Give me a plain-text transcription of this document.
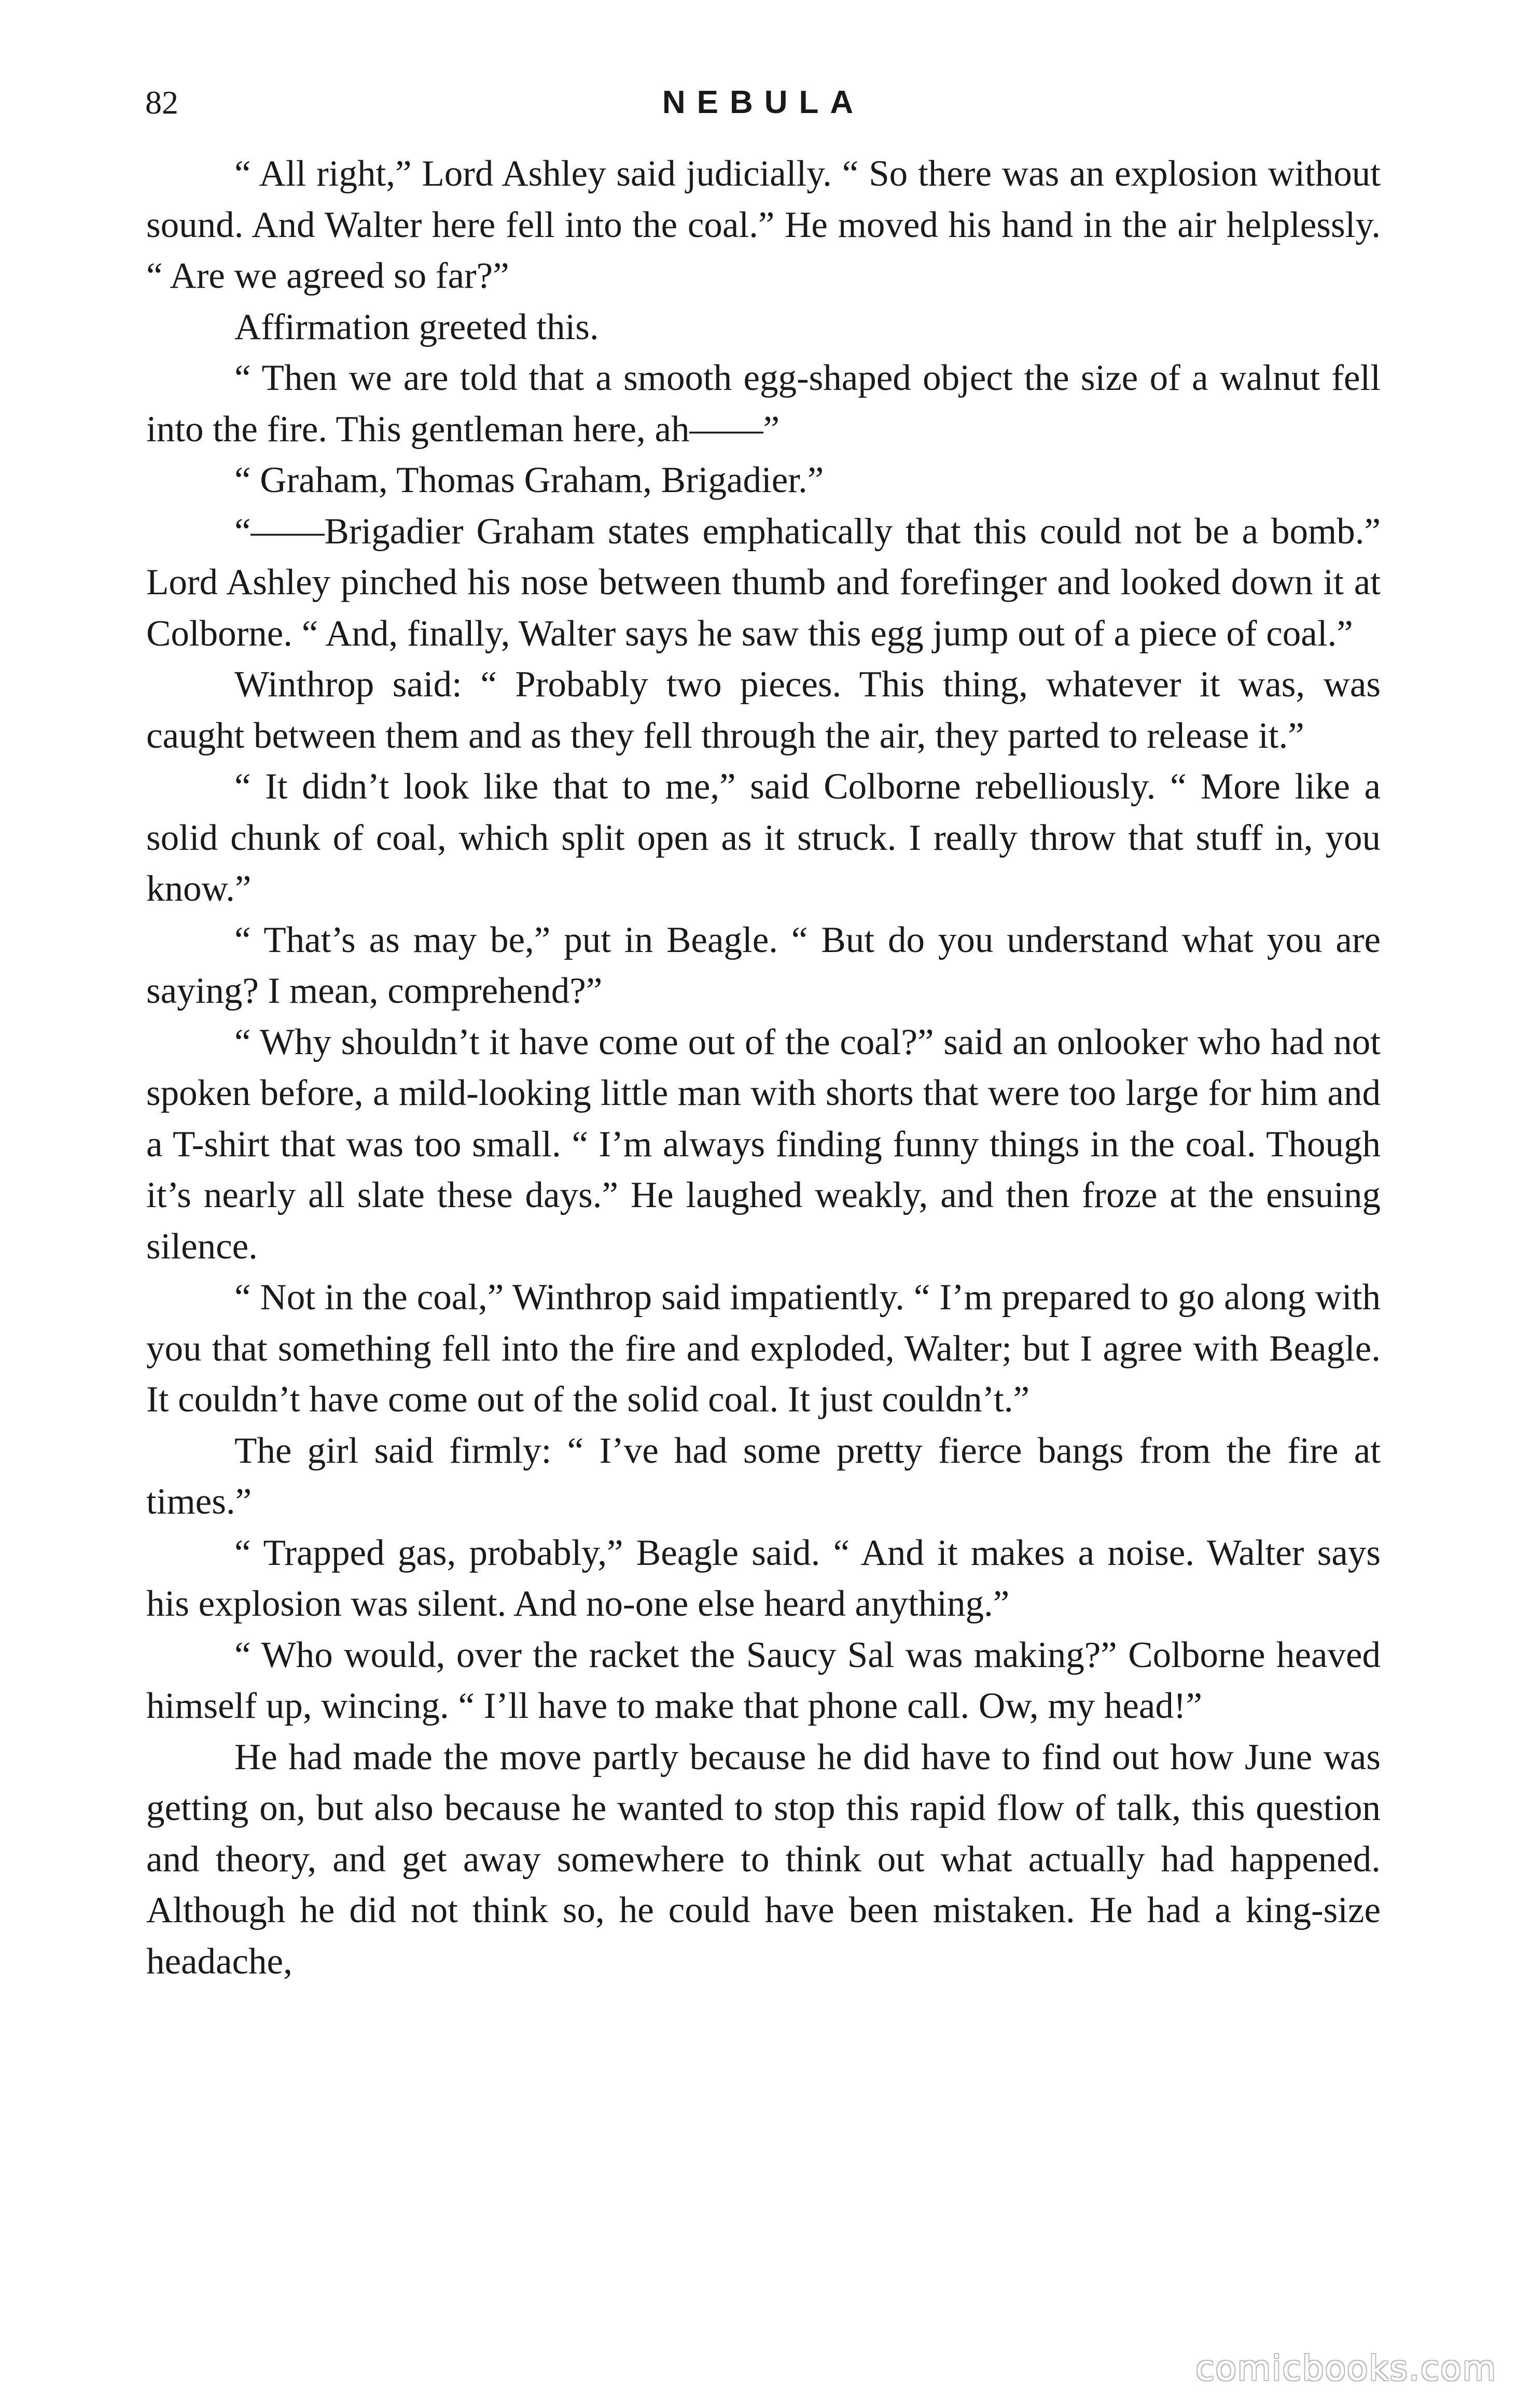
82	NEBULA

“ All right,” Lord Ashley said judicially. “ So there was an explosion without sound. And Walter here fell into the coal.” He moved his hand in the air helplessly. “ Are we agreed so far?”

Affirmation greeted this.

“ Then we are told that a smooth egg-shaped object the size of a walnut fell into the fire. This gentleman here, ah——”

“ Graham, Thomas Graham, Brigadier.”

“——Brigadier Graham states emphatically that this could not be a bomb.” Lord Ashley pinched his nose between thumb and forefinger and looked down it at Colborne. “ And, finally, Walter says he saw this egg jump out of a piece of coal.”

Winthrop said: “ Probably two pieces. This thing, whatever it was, was caught between them and as they fell through the air, they parted to release it.”

“ It didn’t look like that to me,” said Colborne rebelliously. “ More like a solid chunk of coal, which split open as it struck. I really throw that stuff in, you know.”

“ That’s as may be,” put in Beagle. “ But do you understand what you are saying? I mean, comprehend?”

“ Why shouldn’t it have come out of the coal?” said an onlooker who had not spoken before, a mild-looking little man with shorts that were too large for him and a T-shirt that was too small. “ I’m always finding funny things in the coal. Though it’s nearly all slate these days.” He laughed weakly, and then froze at the ensuing silence.

“ Not in the coal,” Winthrop said impatiently. “ I’m prepared to go along with you that something fell into the fire and exploded, Walter; but I agree with Beagle. It couldn’t have come out of the solid coal. It just couldn’t.”

The girl said firmly: “ I’ve had some pretty fierce bangs from the fire at times.”

“ Trapped gas, probably,” Beagle said. “ And it makes a noise. Walter says his explosion was silent. And no-one else heard anything.”

“ Who would, over the racket the Saucy Sal was making?” Colborne heaved himself up, wincing. “ I’ll have to make that phone call. Ow, my head!”

He had made the move partly because he did have to find out how June was getting on, but also because he wanted to stop this rapid flow of talk, this question and theory, and get away somewhere to think out what actually had happened. Although he did not think so, he could have been mistaken. He had a king-size headache,

comicbooks.com
